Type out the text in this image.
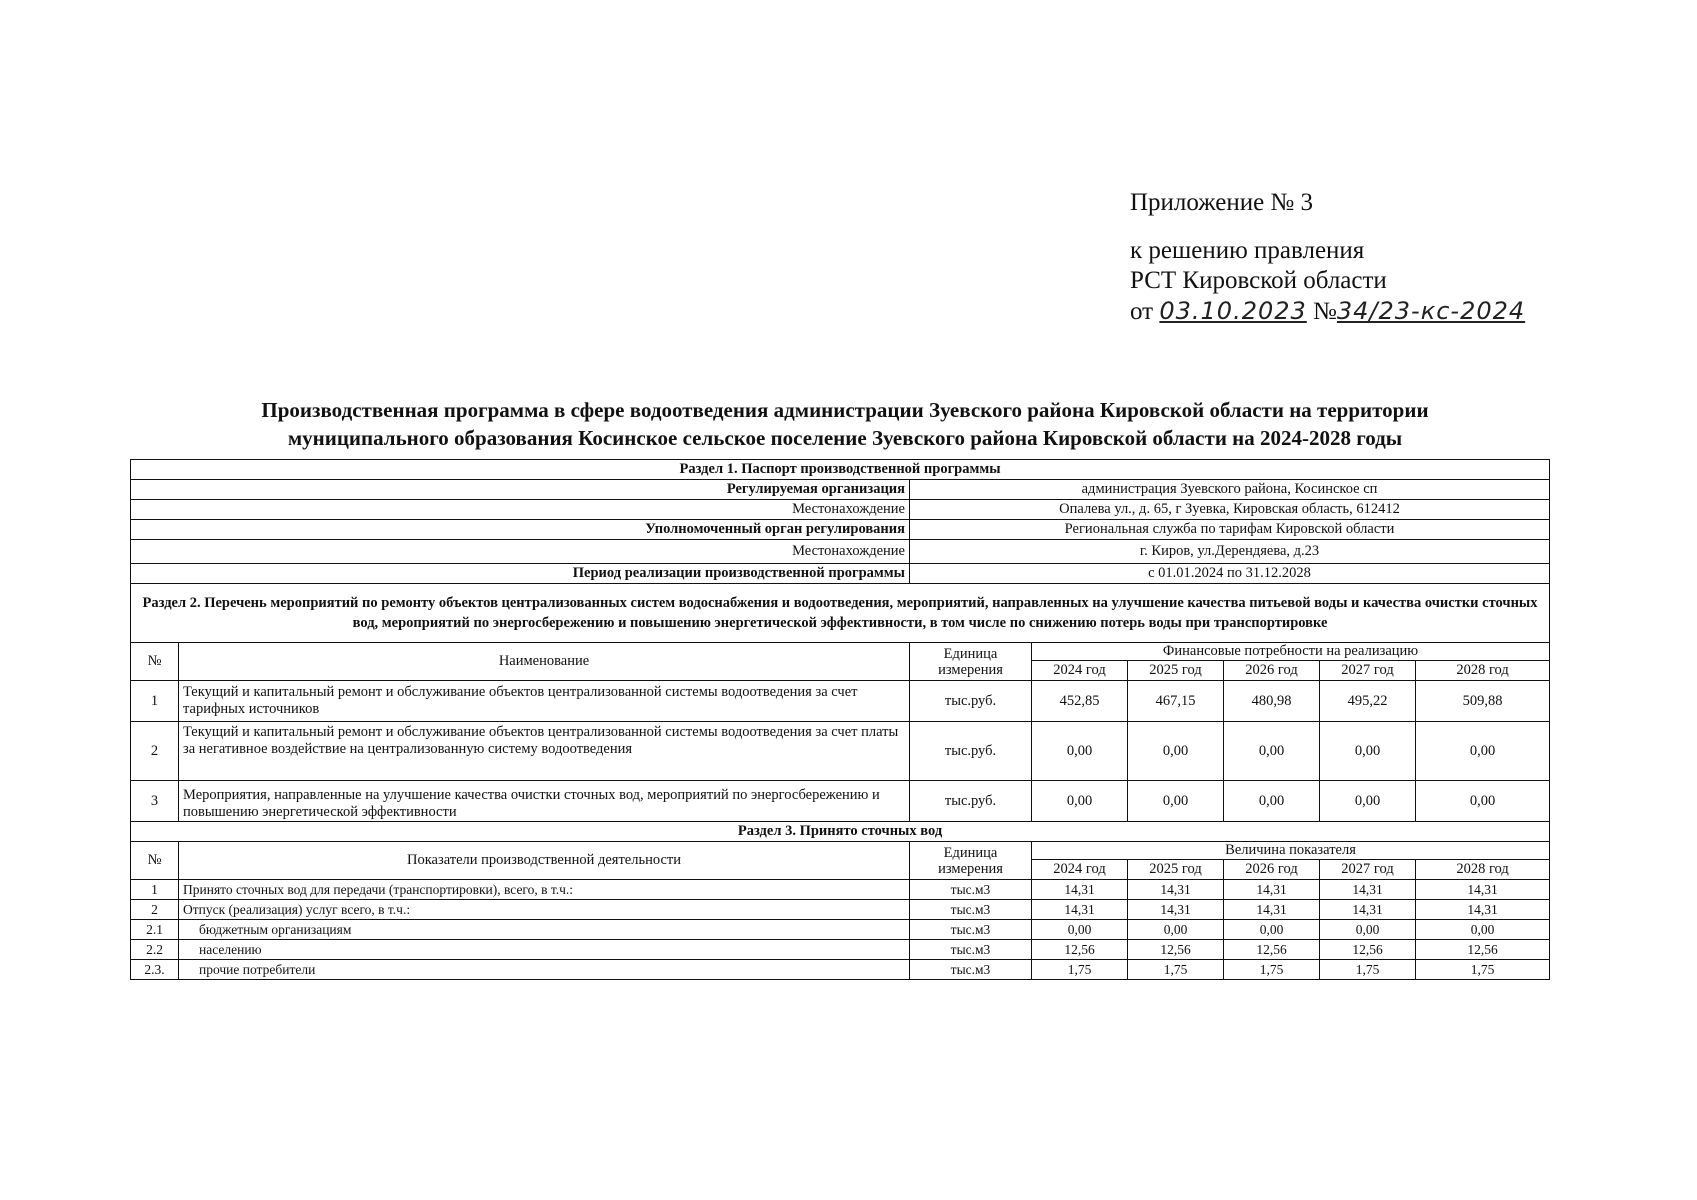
Приложение № 3
к решению правления
РСТ Кировской области
от 03.10.2023 №34/23-кс-2024
Производственная программа в сфере водоотведения администрации Зуевского района Кировской области на территории
муниципального образования Косинское сельское поселение Зуевского района Кировской области на 2024-2028 годы
Раздел 1. Паспорт производственной программы							
Регулируемая организация		администрация Зуевского района, Косинское сп					
Местонахождение		Опалева ул., д. 65, г Зуевка, Кировская область, 612412					
Уполномоченный орган регулирования		Региональная служба по тарифам Кировской области					
Местонахождение		г. Киров, ул.Дерендяева, д.23					
Период реализации производственной программы		с 01.01.2024 по 31.12.2028					
Раздел 2. Перечень мероприятий по ремонту объектов централизованных систем водоснабжения и водоотведения, мероприятий, направленных на улучшение качества питьевой воды и качества очистки сточных вод, мероприятий по энергосбережению и повышению энергетической эффективности, в том числе по снижению потерь воды при транспортировке							
№	Наименование	Единица измерения	Финансовые потребности на реализацию				
			2024 год	2025 год	2026 год	2027 год	2028 год
1	Текущий и капитальный ремонт и обслуживание объектов централизованной системы водоотведения за счет тарифных источников	тыс.руб.	452,85	467,15	480,98	495,22	509,88
2	Текущий и капитальный ремонт и обслуживание объектов централизованной системы водоотведения за счет платы за негативное воздействие на централизованную систему водоотведения	тыс.руб.	0,00	0,00	0,00	0,00	0,00
3	Мероприятия, направленные на улучшение качества очистки сточных вод, мероприятий по энергосбережению и повышению энергетической эффективности	тыс.руб.	0,00	0,00	0,00	0,00	0,00
Раздел 3. Принято сточных вод							
№	Показатели производственной деятельности	Единица измерения	Величина показателя				
			2024 год	2025 год	2026 год	2027 год	2028 год
1	Принято сточных вод для передачи (транспортировки), всего, в т.ч.:	тыс.м3	14,31	14,31	14,31	14,31	14,31
2	Отпуск (реализация) услуг всего, в т.ч.:	тыс.м3	14,31	14,31	14,31	14,31	14,31
2.1	бюджетным организациям	тыс.м3	0,00	0,00	0,00	0,00	0,00
2.2	населению	тыс.м3	12,56	12,56	12,56	12,56	12,56
2.3.	прочие потребители	тыс.м3	1,75	1,75	1,75	1,75	1,75
